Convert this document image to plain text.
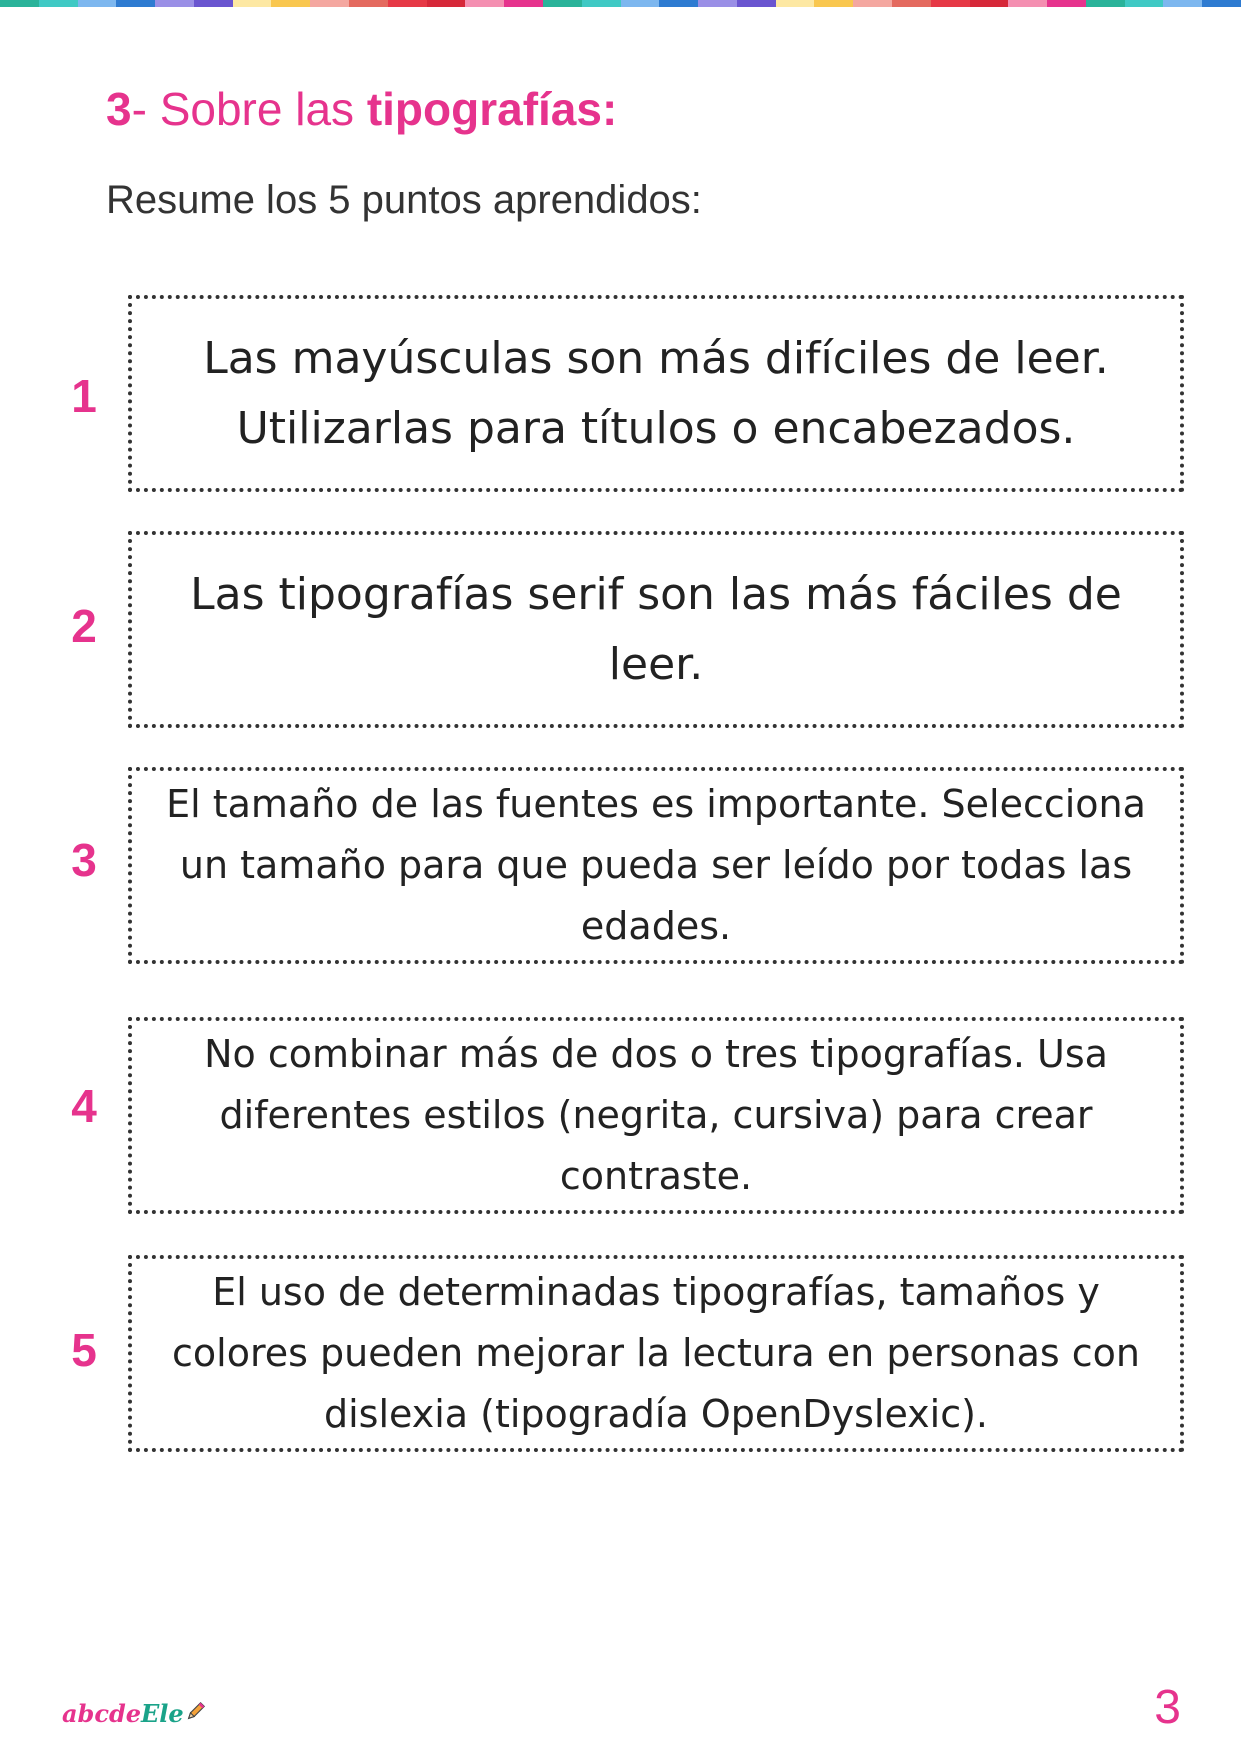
3- Sobre las tipografías:
Resume los 5 puntos aprendidos:
1
Las mayúsculas son más difíciles de leer. Utilizarlas para títulos o encabezados.
2
Las tipografías serif son las más fáciles de leer.
3
El tamaño de las fuentes es importante. Selecciona un tamaño para que pueda ser leído por todas las edades.
4
No combinar más de dos o tres tipografías. Usa diferentes estilos (negrita, cursiva) para crear contraste.
5
El uso de determinadas tipografías, tamaños y colores pueden mejorar la lectura en personas con dislexia (tipogradía OpenDyslexic).
abcdeEle	3
